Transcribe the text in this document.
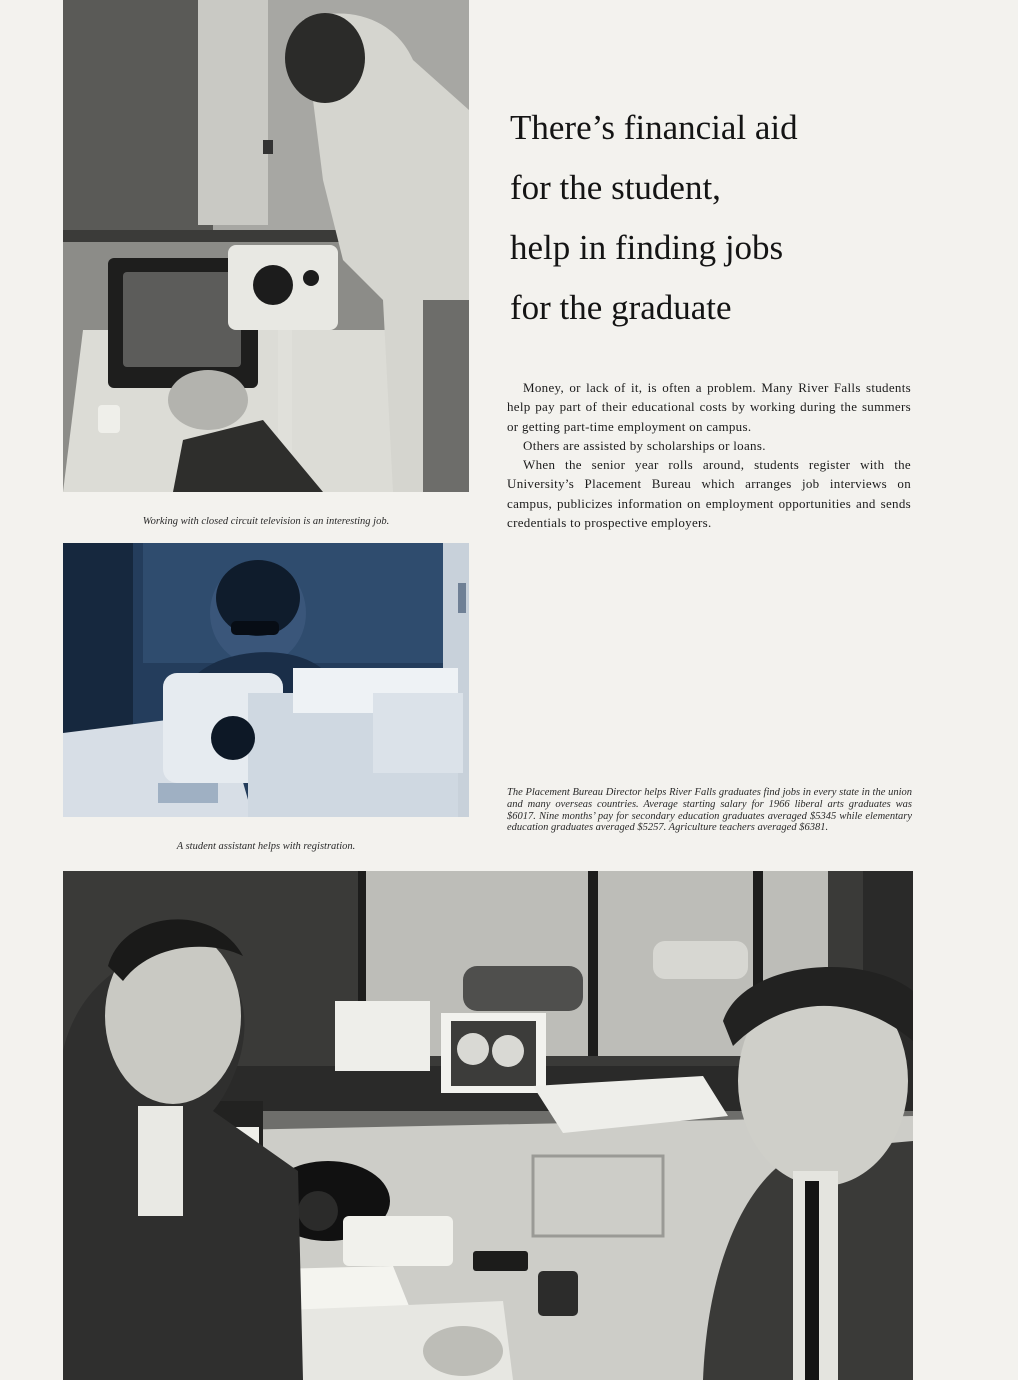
Working with closed circuit television is an interesting job.

A student assistant helps with registration.

There’s financial aid
for the student,
help in finding jobs
for the graduate

Money, or lack of it, is often a problem. Many River Falls students help pay part of their educational costs by working during the summers or getting part-time employment on campus.

Others are assisted by scholarships or loans.

When the senior year rolls around, students register with the University’s Placement Bureau which arranges job interviews on campus, publicizes information on employment opportunities and sends credentials to prospective employers.

The Placement Bureau Director helps River Falls graduates find jobs in every state in the union and many overseas countries. Average starting salary for 1966 liberal arts graduates was $6017. Nine months’ pay for secondary education graduates averaged $5345 while elementary education graduates averaged $5257. Agriculture teachers averaged $6381.
